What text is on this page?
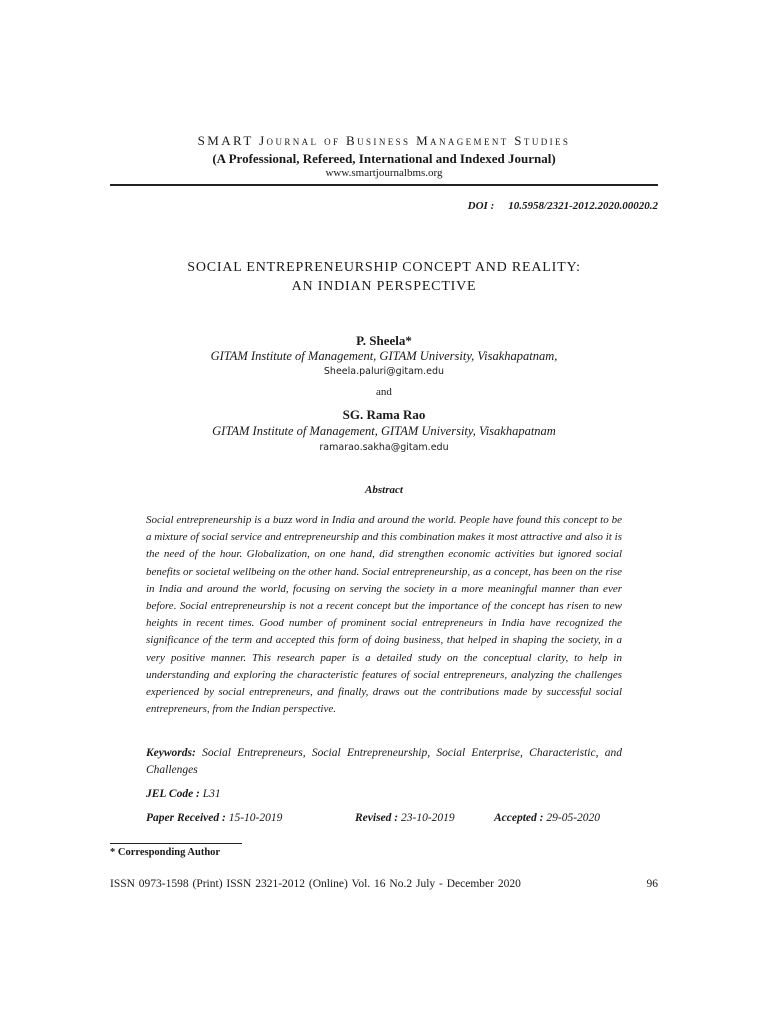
SMART Journal of Business Management Studies
(A Professional, Refereed, International and Indexed Journal)
www.smartjournalbms.org
DOI : 10.5958/2321-2012.2020.00020.2
SOCIAL ENTREPRENEURSHIP CONCEPT AND REALITY:
AN INDIAN PERSPECTIVE
P. Sheela*
GITAM Institute of Management, GITAM University, Visakhapatnam,
Sheela.paluri@gitam.edu
and
SG. Rama Rao
GITAM Institute of Management, GITAM University, Visakhapatnam
ramarao.sakha@gitam.edu
Abstract
Social entrepreneurship is a buzz word in India and around the world. People have found this concept to be a mixture of social service and entrepreneurship and this combination makes it most attractive and also it is the need of the hour. Globalization, on one hand, did strengthen economic activities but ignored social benefits or societal wellbeing on the other hand. Social entrepreneurship, as a concept, has been on the rise in India and around the world, focusing on serving the society in a more meaningful manner than ever before. Social entrepreneurship is not a recent concept but the importance of the concept has risen to new heights in recent times. Good number of prominent social entrepreneurs in India have recognized the significance of the term and accepted this form of doing business, that helped in shaping the society, in a very positive manner. This research paper is a detailed study on the conceptual clarity, to help in understanding and exploring the characteristic features of social entrepreneurs, analyzing the challenges experienced by social entrepreneurs, and finally, draws out the contributions made by successful social entrepreneurs, from the Indian perspective.
Keywords: Social Entrepreneurs, Social Entrepreneurship, Social Enterprise, Characteristic, and Challenges
JEL Code : L31
Paper Received : 15-10-2019	Revised : 23-10-2019	Accepted : 29-05-2020
* Corresponding Author
ISSN 0973-1598 (Print) ISSN 2321-2012 (Online) Vol. 16 No.2 July - December 2020	96
